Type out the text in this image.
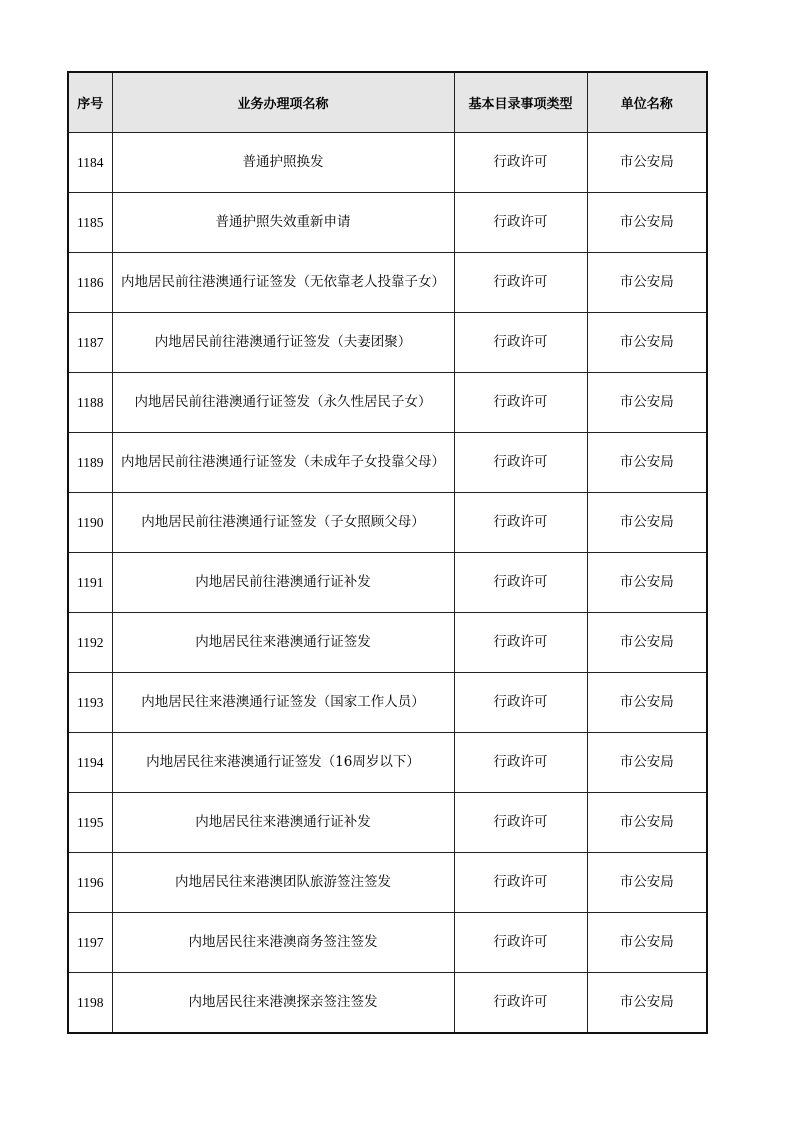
序号	业务办理项名称	基本目录事项类型	单位名称
1184	普通护照换发	行政许可	市公安局
1185	普通护照失效重新申请	行政许可	市公安局
1186	内地居民前往港澳通行证签发（无依靠老人投靠子女）	行政许可	市公安局
1187	内地居民前往港澳通行证签发（夫妻团聚）	行政许可	市公安局
1188	内地居民前往港澳通行证签发（永久性居民子女）	行政许可	市公安局
1189	内地居民前往港澳通行证签发（未成年子女投靠父母）	行政许可	市公安局
1190	内地居民前往港澳通行证签发（子女照顾父母）	行政许可	市公安局
1191	内地居民前往港澳通行证补发	行政许可	市公安局
1192	内地居民往来港澳通行证签发	行政许可	市公安局
1193	内地居民往来港澳通行证签发（国家工作人员）	行政许可	市公安局
1194	内地居民往来港澳通行证签发（16周岁以下）	行政许可	市公安局
1195	内地居民往来港澳通行证补发	行政许可	市公安局
1196	内地居民往来港澳团队旅游签注签发	行政许可	市公安局
1197	内地居民往来港澳商务签注签发	行政许可	市公安局
1198	内地居民往来港澳探亲签注签发	行政许可	市公安局
